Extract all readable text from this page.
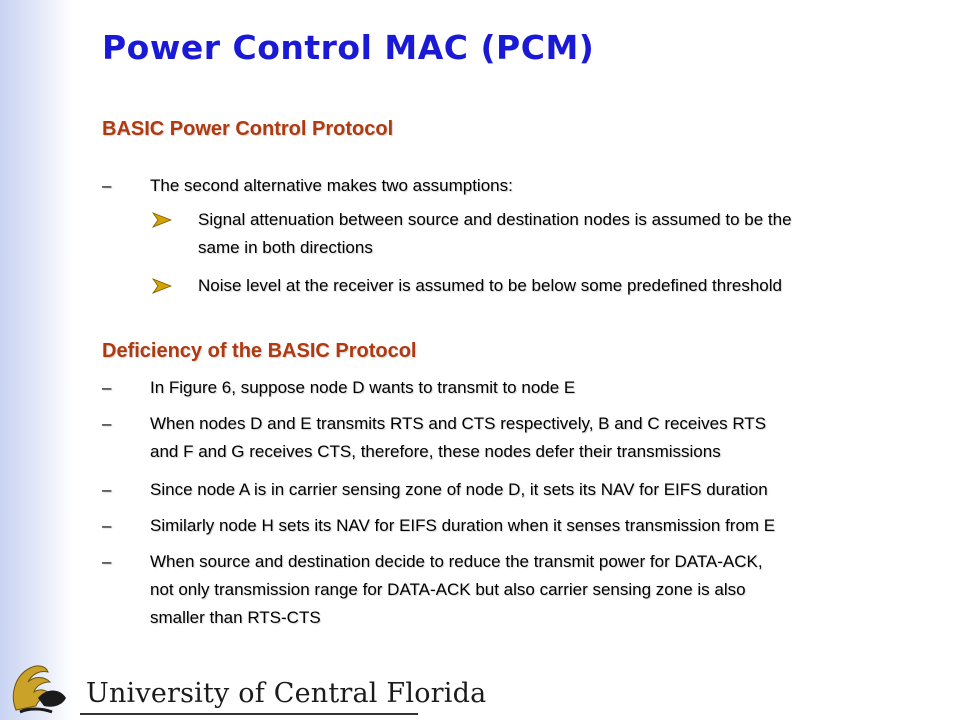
Power Control MAC (PCM)
BASIC Power Control Protocol
– The second alternative makes two assumptions:
Signal attenuation between source and destination nodes is assumed to be the
same in both directions
Noise level at the receiver is assumed to be below some predefined threshold
Deficiency of the BASIC Protocol
– In Figure 6, suppose node D wants to transmit to node E
– When nodes D and E transmits RTS and CTS respectively, B and C receives RTS
and F and G receives CTS, therefore, these nodes defer their transmissions
– Since node A is in carrier sensing zone of node D, it sets its NAV for EIFS duration
– Similarly node H sets its NAV for EIFS duration when it senses transmission from E
– When source and destination decide to reduce the transmit power for DATA-ACK,
not only transmission range for DATA-ACK but also carrier sensing zone is also
smaller than RTS-CTS
University of Central Florida
